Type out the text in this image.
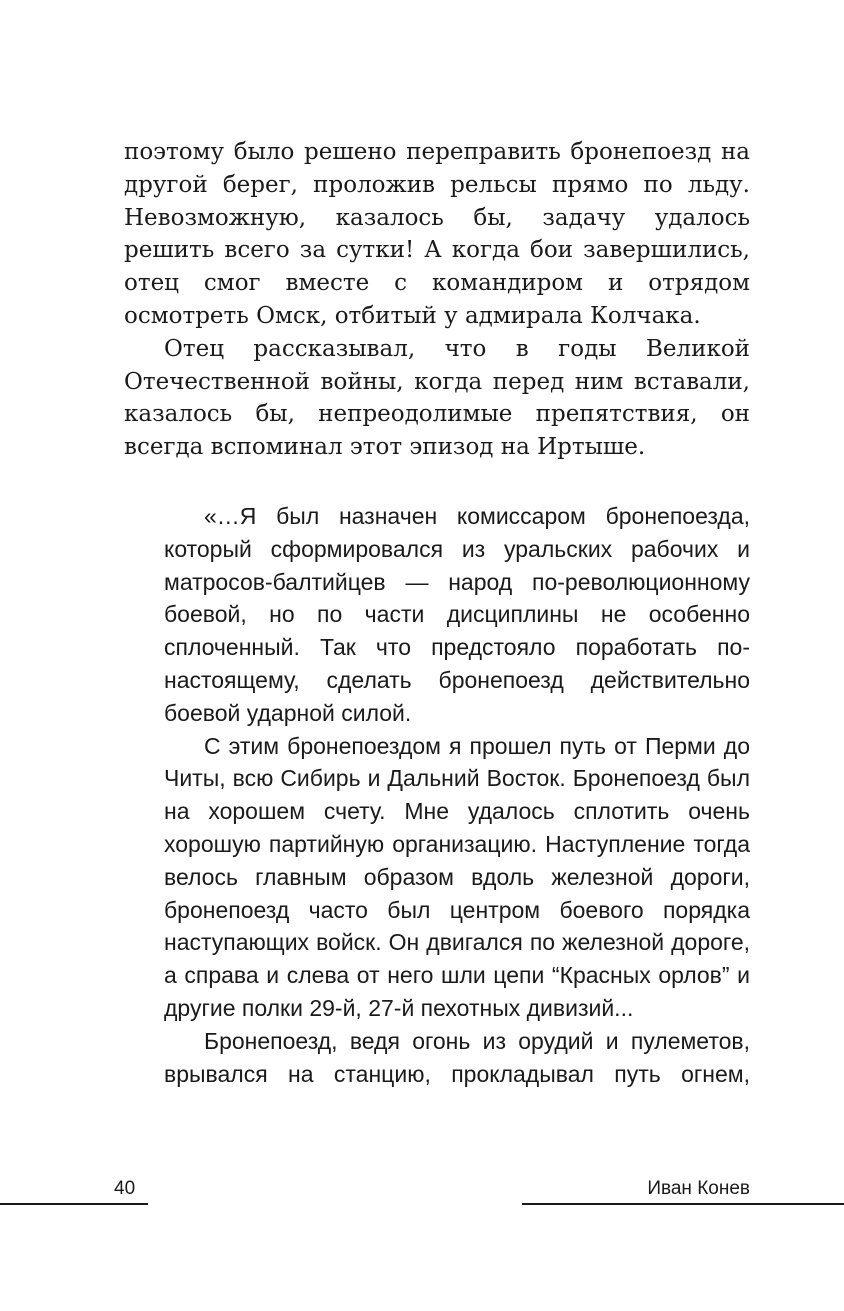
поэтому было решено переправить бронепоезд на другой берег, проложив рельсы прямо по льду. Невозможную, казалось бы, задачу удалось решить всего за сутки! А когда бои завершились, отец смог вместе с командиром и отрядом осмотреть Омск, отбитый у адмирала Колчака.

Отец рассказывал, что в годы Великой Отечественной войны, когда перед ним вставали, казалось бы, непреодолимые препятствия, он всегда вспоминал этот эпизод на Иртыше.

«…Я был назначен комиссаром бронепоезда, который сформировался из уральских рабочих и матросов-балтийцев — народ по-революционному боевой, но по части дисциплины не особенно сплоченный. Так что предстояло поработать по-настоящему, сделать бронепоезд действительно боевой ударной силой.

С этим бронепоездом я прошел путь от Перми до Читы, всю Сибирь и Дальний Восток. Бронепоезд был на хорошем счету. Мне удалось сплотить очень хорошую партийную организацию. Наступление тогда велось главным образом вдоль железной дороги, бронепоезд часто был центром боевого порядка наступающих войск. Он двигался по железной дороге, а справа и слева от него шли цепи “Красных орлов” и другие полки 29-й, 27-й пехотных дивизий...

Бронепоезд, ведя огонь из орудий и пулеметов, врывался на станцию, прокладывал путь огнем,

40	Иван Конев
